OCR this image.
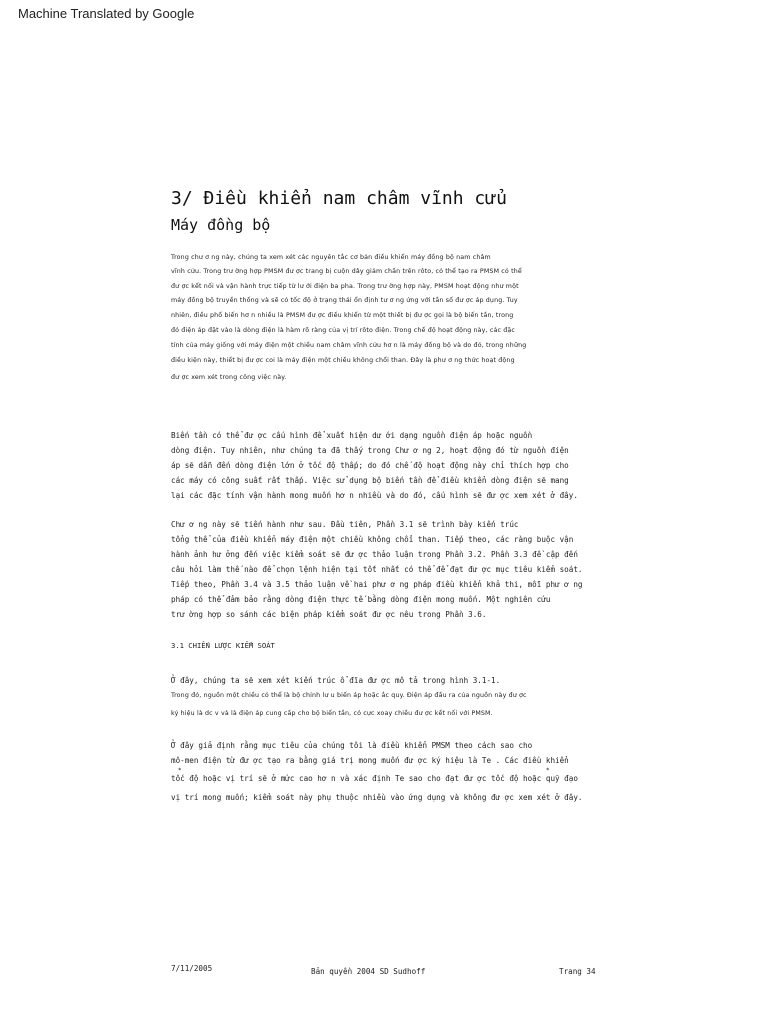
Machine Translated by Google
3/ Điều khiển nam châm vĩnh cửu
Máy đồng bộ
Trong chư ơ ng này, chúng ta xem xét các nguyên tắc cơ bản điều khiển máy đồng bộ nam châm
vĩnh cửu. Trong trư ờng hợp PMSM đư ợc trang bị cuộn dây giảm chấn trên rôto, có thể tạo ra PMSM có thể
đư ợc kết nối và vận hành trực tiếp từ lư ới điện ba pha. Trong trư ờng hợp này, PMSM hoạt động như một
máy đồng bộ truyền thống và sẽ có tốc độ ở trạng thái ổn định tư ơ ng ứng với tần số đư ợc áp dụng. Tuy
nhiên, điều phổ biến hơ n nhiều là PMSM đư ợc điều khiển từ một thiết bị đư ợc gọi là bộ biến tần, trong
đó điện áp đặt vào là dòng điện là hàm rõ ràng của vị trí rôto điện. Trong chế độ hoạt động này, các đặc
tính của máy giống với máy điện một chiều nam châm vĩnh cửu hơ n là máy đồng bộ và do đó, trong những
điều kiện này, thiết bị đư ợc coi là máy điện một chiều không chổi than. Đây là phư ơ ng thức hoạt động
đư ợc xem xét trong công việc này.
Biến tần có thể đư ợc cấu hình để xuất hiện dư ới dạng nguồn điện áp hoặc nguồn
dòng điện. Tuy nhiên, như chúng ta đã thấy trong Chư ơ ng 2, hoạt động đó từ nguồn điện
áp sẽ dẫn đến dòng điện lớn ở tốc độ thấp; do đó chế độ hoạt động này chỉ thích hợp cho
các máy có công suất rất thấp. Việc sử dụng bộ biến tần để điều khiển dòng điện sẽ mang
lại các đặc tính vận hành mong muốn hơ n nhiều và do đó, cấu hình sẽ đư ợc xem xét ở đây.
Chư ơ ng này sẽ tiến hành như sau. Đầu tiên, Phần 3.1 sẽ trình bày kiến trúc
tổng thể của điều khiển máy điện một chiều không chổi than. Tiếp theo, các ràng buộc vận
hành ảnh hư ởng đến việc kiểm soát sẽ đư ợc thảo luận trong Phần 3.2. Phần 3.3 đề cập đến
câu hỏi làm thế nào để chọn lệnh hiện tại tốt nhất có thể để đạt đư ợc mục tiêu kiểm soát.
Tiếp theo, Phần 3.4 và 3.5 thảo luận về hai phư ơ ng pháp điều khiển khả thi, mỗi phư ơ ng
pháp có thể đảm bảo rằng dòng điện thực tế bằng dòng điện mong muốn. Một nghiên cứu
trư ờng hợp so sánh các biện pháp kiểm soát đư ợc nêu trong Phần 3.6.
3.1 CHIẾN LƯỢC KIỂM SOÁT
Ở đây, chúng ta sẽ xem xét kiến trúc ổ đĩa đư ợc mô tả trong hình 3.1-1.
Trong đó, nguồn một chiều có thể là bộ chỉnh lư u biến áp hoặc ắc quy. Điện áp đầu ra của nguồn này đư ợc
ký hiệu là dc v và là điện áp cung cấp cho bộ biến tần, có cực xoay chiều đư ợc kết nối với PMSM.
Ở đây giả định rằng mục tiêu của chúng tôi là điều khiển PMSM theo cách sao cho
mô-men điện từ đư ợc tạo ra bằng giá trị mong muốn đư ợc ký hiệu là Te . Các điều khiển
*	*
tốc độ hoặc vị trí sẽ ở mức cao hơ n và xác định Te sao cho đạt đư ợc tốc độ hoặc quỹ đạo
vị trí mong muốn; kiểm soát này phụ thuộc nhiều vào ứng dụng và không đư ợc xem xét ở đây.
7/11/2005	Bản quyền 2004 SD Sudhoff	Trang 34
